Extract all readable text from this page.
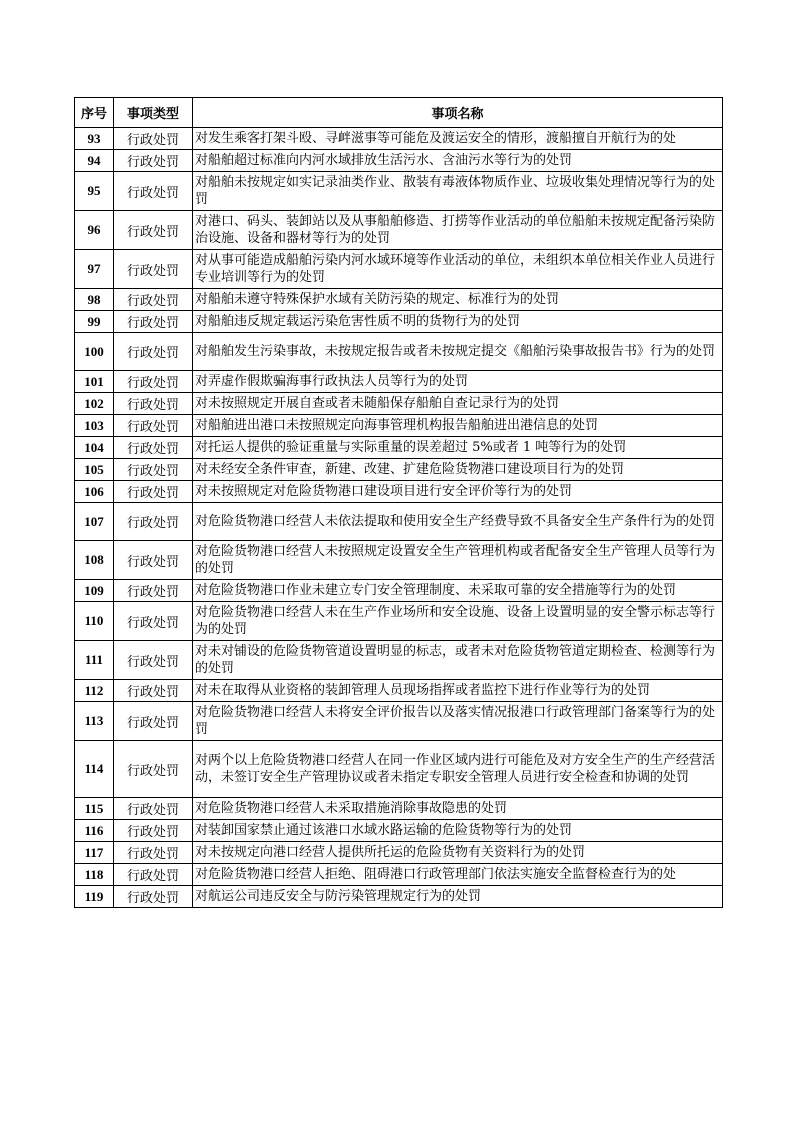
序号	事项类型	事项名称
93	行政处罚	对发生乘客打架斗殴、寻衅滋事等可能危及渡运安全的情形，渡船擅自开航行为的处
94	行政处罚	对船舶超过标准向内河水域排放生活污水、含油污水等行为的处罚
95	行政处罚	对船舶未按规定如实记录油类作业、散装有毒液体物质作业、垃圾收集处理情况等行为的处罚
96	行政处罚	对港口、码头、装卸站以及从事船舶修造、打捞等作业活动的单位船舶未按规定配备污染防治设施、设备和器材等行为的处罚
97	行政处罚	对从事可能造成船舶污染内河水域环境等作业活动的单位，未组织本单位相关作业人员进行专业培训等行为的处罚
98	行政处罚	对船舶未遵守特殊保护水域有关防污染的规定、标准行为的处罚
99	行政处罚	对船舶违反规定载运污染危害性质不明的货物行为的处罚
100	行政处罚	对船舶发生污染事故，未按规定报告或者未按规定提交《船舶污染事故报告书》行为的处罚
101	行政处罚	对弄虚作假欺骗海事行政执法人员等行为的处罚
102	行政处罚	对未按照规定开展自查或者未随船保存船舶自查记录行为的处罚
103	行政处罚	对船舶进出港口未按照规定向海事管理机构报告船舶进出港信息的处罚
104	行政处罚	对托运人提供的验证重量与实际重量的误差超过 5%或者 1 吨等行为的处罚
105	行政处罚	对未经安全条件审查，新建、改建、扩建危险货物港口建设项目行为的处罚
106	行政处罚	对未按照规定对危险货物港口建设项目进行安全评价等行为的处罚
107	行政处罚	对危险货物港口经营人未依法提取和使用安全生产经费导致不具备安全生产条件行为的处罚
108	行政处罚	对危险货物港口经营人未按照规定设置安全生产管理机构或者配备安全生产管理人员等行为的处罚
109	行政处罚	对危险货物港口作业未建立专门安全管理制度、未采取可靠的安全措施等行为的处罚
110	行政处罚	对危险货物港口经营人未在生产作业场所和安全设施、设备上设置明显的安全警示标志等行为的处罚
111	行政处罚	对未对铺设的危险货物管道设置明显的标志，或者未对危险货物管道定期检查、检测等行为的处罚
112	行政处罚	对未在取得从业资格的装卸管理人员现场指挥或者监控下进行作业等行为的处罚
113	行政处罚	对危险货物港口经营人未将安全评价报告以及落实情况报港口行政管理部门备案等行为的处罚
114	行政处罚	对两个以上危险货物港口经营人在同一作业区域内进行可能危及对方安全生产的生产经营活动，未签订安全生产管理协议或者未指定专职安全管理人员进行安全检查和协调的处罚
115	行政处罚	对危险货物港口经营人未采取措施消除事故隐患的处罚
116	行政处罚	对装卸国家禁止通过该港口水域水路运输的危险货物等行为的处罚
117	行政处罚	对未按规定向港口经营人提供所托运的危险货物有关资料行为的处罚
118	行政处罚	对危险货物港口经营人拒绝、阻碍港口行政管理部门依法实施安全监督检查行为的处
119	行政处罚	对航运公司违反安全与防污染管理规定行为的处罚
